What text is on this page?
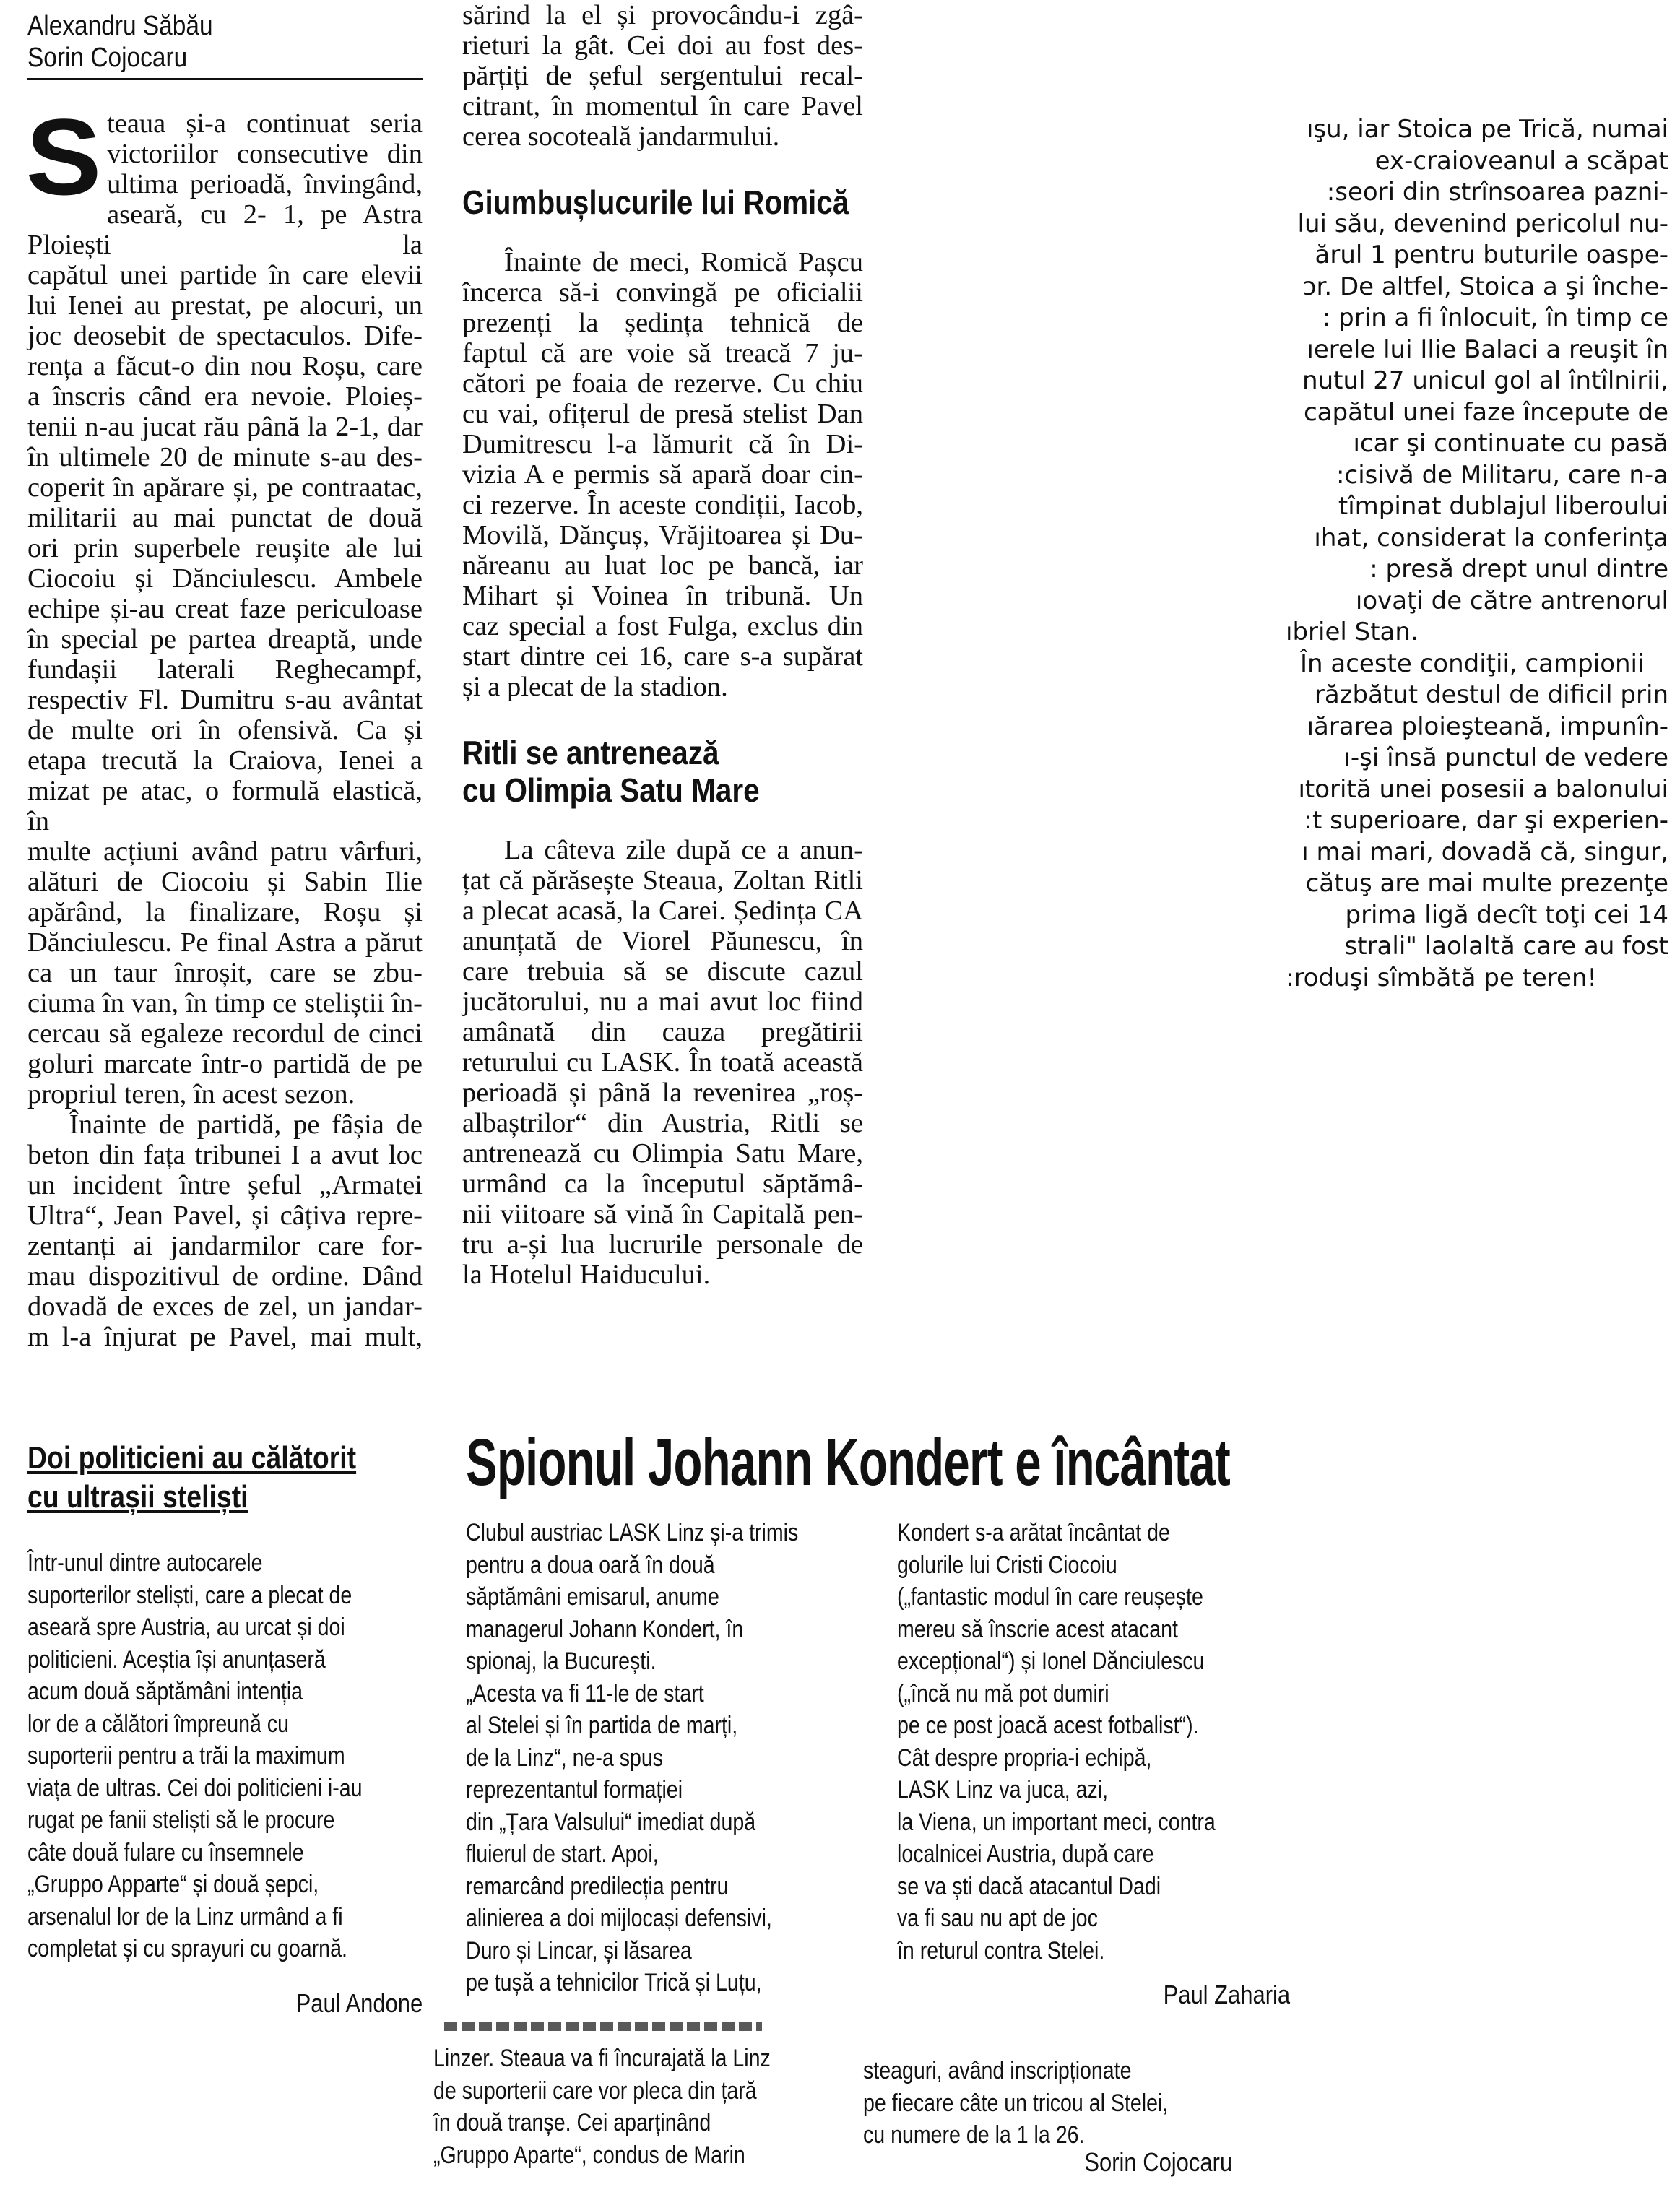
Alexandru Săbău
Sorin Cojocaru
S teaua și-a continuat seria

victoriilor consecutive din

ultima perioadă, învingând,

aseară, cu 2- 1, pe Astra Ploiești la

capătul unei partide în care elevii

lui Ienei au prestat, pe alocuri, un

joc deosebit de spectaculos. Dife-

rența a făcut-o din nou Roșu, care

a înscris când era nevoie. Ploieș-

tenii n-au jucat rău până la 2-1, dar

în ultimele 20 de minute s-au des-

coperit în apărare și, pe contraatac,

militarii au mai punctat de două

ori prin superbele reușite ale lui

Ciocoiu și Dănciulescu. Ambele

echipe și-au creat faze periculoase

în special pe partea dreaptă, unde

fundașii laterali Reghecampf,

respectiv Fl. Dumitru s-au avântat

de multe ori în ofensivă. Ca și

etapa trecută la Craiova, Ienei a

mizat pe atac, o formulă elastică, în

multe acțiuni având patru vârfuri,

alături de Ciocoiu și Sabin Ilie

apărând, la finalizare, Roșu și

Dănciulescu. Pe final Astra a părut

ca un taur înroșit, care se zbu-

ciuma în van, în timp ce steliștii în-

cercau să egaleze recordul de cinci

goluri marcate într-o partidă de pe

propriul teren, în acest sezon.

Înainte de partidă, pe fâșia de

beton din fața tribunei I a avut loc

un incident între șeful „Armatei

Ultra“, Jean Pavel, și câțiva repre-

zentanți ai jandarmilor care for-

mau dispozitivul de ordine. Dând

dovadă de exces de zel, un jandar-

m l-a înjurat pe Pavel, mai mult,

sărind la el și provocându-i zgâ-

rieturi la gât. Cei doi au fost des-

părțiți de șeful sergentului recal-

citrant, în momentul în care Pavel

cerea socoteală jandarmului.

Giumbușlucurile lui Romică

Înainte de meci, Romică Pașcu

încerca să-i convingă pe oficialii

prezenți la ședința tehnică de

faptul că are voie să treacă 7 ju-

cători pe foaia de rezerve. Cu chiu

cu vai, ofițerul de presă stelist Dan

Dumitrescu l-a lămurit că în Di-

vizia A e permis să apară doar cin-

ci rezerve. În aceste condiții, Iacob,

Movilă, Dănçuș, Vrăjitoarea și Du-

năreanu au luat loc pe bancă, iar

Mihart și Voinea în tribună. Un

caz special a fost Fulga, exclus din

start dintre cei 16, care s-a supărat

și a plecat de la stadion.

Ritli se antrenează
cu Olimpia Satu Mare

La câteva zile după ce a anun-

țat că părăsește Steaua, Zoltan Ritli

a plecat acasă, la Carei. Ședința CA

anunțată de Viorel Păunescu, în

care trebuia să se discute cazul

jucătorului, nu a mai avut loc fiind

amânată din cauza pregătirii

returului cu LASK. În toată această

perioadă și până la revenirea „roș-

albaștrilor“ din Austria, Ritli se

antrenează cu Olimpia Satu Mare,

urmând ca la începutul săptămâ-

nii viitoare să vină în Capitală pen-

tru a-și lua lucrurile personale de

la Hotelul Haiducului.

ışu, iar Stoica pe Trică, numai

ex-craioveanul a scăpat

:seori din strînsoarea pazni-

lui său, devenind pericolul nu-

ărul 1 pentru buturile oaspe-

ɔr. De altfel, Stoica a şi înche-

: prin a fi înlocuit, în timp ce

ıerele lui Ilie Balaci a reuşit în

nutul 27 unicul gol al întîlnirii,

capătul unei faze începute de

ıcar şi continuate cu pasă

:cisivă de Militaru, care n-a

tîmpinat dublajul liberoului

ıhat, considerat la conferinţa

: presă drept unul dintre

ıovaţi de către antrenorul

ıbriel Stan.

În aceste condiţii, campionii

răzbătut destul de dificil prin

ıărarea ploieşteană, impunîn-

ı-şi însă punctul de vedere

ıtorită unei posesii a balonului

:t superioare, dar şi experien-

ı mai mari, dovadă că, singur,

cătuş are mai multe prezenţe

prima ligă decît toţi cei 14

strali" laolaltă care au fost

:roduşi sîmbătă pe teren!

Doi politicieni au călătorit
cu ultrașii steliști

Într-unul dintre autocarele

suporterilor steliști, care a plecat de

aseară spre Austria, au urcat și doi

politicieni. Aceștia își anunțaseră

acum două săptămâni intenția

lor de a călători împreună cu

suporterii pentru a trăi la maximum

viața de ultras. Cei doi politicieni i-au

rugat pe fanii steliști să le procure

câte două fulare cu însemnele

„Gruppo Apparte“ și două șepci,

arsenalul lor de la Linz urmând a fi

completat și cu sprayuri cu goarnă.

Paul Andone
Spionul Johann Kondert e încântat

Clubul austriac LASK Linz și-a trimis

pentru a doua oară în două

săptămâni emisarul, anume

managerul Johann Kondert, în

spionaj, la București.

„Acesta va fi 11-le de start

al Stelei și în partida de marți,

de la Linz“, ne-a spus

reprezentantul formației

din „Țara Valsului“ imediat după

fluierul de start. Apoi,

remarcând predilecția pentru

alinierea a doi mijlocași defensivi,

Duro și Lincar, și lăsarea

pe tușă a tehnicilor Trică și Luțu,

Kondert s-a arătat încântat de

golurile lui Cristi Ciocoiu

(„fantastic modul în care reușește

mereu să înscrie acest atacant

excepțional“) și Ionel Dănciulescu

(„încă nu mă pot dumiri

pe ce post joacă acest fotbalist“).

Cât despre propria-i echipă,

LASK Linz va juca, azi,

la Viena, un important meci, contra

localnicei Austria, după care

se va ști dacă atacantul Dadi

va fi sau nu apt de joc

în returul contra Stelei.

Paul Zaharia

Linzer. Steaua va fi încurajată la Linz

de suporterii care vor pleca din țară

în două tranșe. Cei aparținând

„Gruppo Aparte“, condus de Marin

steaguri, având inscripționate

pe fiecare câte un tricou al Stelei,

cu numere de la 1 la 26.

Sorin Cojocaru
